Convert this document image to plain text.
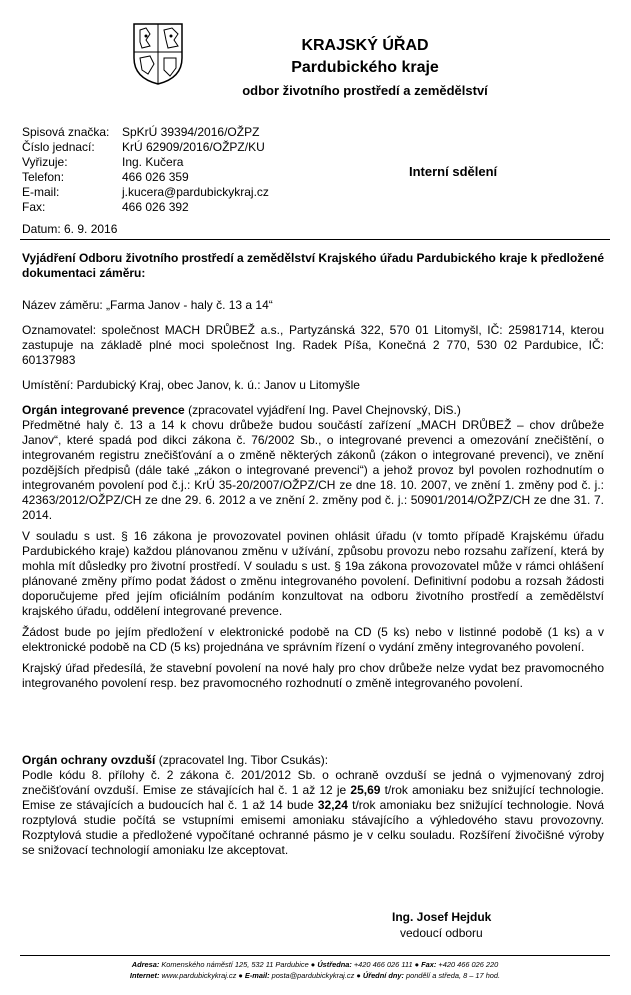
KRAJSKÝ ÚŘAD
Pardubického kraje
odbor životního prostředí a zemědělství
Spisová značka:	SpKrÚ 39394/2016/OŽPZ
Číslo jednací:	KrÚ 62909/2016/OŽPZ/KU
Vyřizuje:	Ing. Kučera
Telefon:	466 026 359
E-mail:	j.kucera@pardubickykraj.cz
Fax:	466 026 392
Interní sdělení
Datum: 6. 9. 2016

Vyjádření Odboru životního prostředí a zemědělství Krajského úřadu Pardubického kraje k předložené dokumentaci záměru:

Název záměru: „Farma Janov - haly č. 13 a 14“

Oznamovatel: společnost MACH DRŮBEŽ a.s., Partyzánská 322, 570 01 Litomyšl, IČ: 25981714, kterou zastupuje na základě plné moci společnost Ing. Radek Píša, Konečná 2 770, 530 02 Pardubice, IČ: 60137983

Umístění: Pardubický Kraj, obec Janov, k. ú.: Janov u Litomyšle

Orgán integrované prevence (zpracovatel vyjádření Ing. Pavel Chejnovský, DiS.)

Předmětné haly č. 13 a 14 k chovu drůbeže budou součástí zařízení „MACH DRŮBEŽ – chov drůbeže Janov“, které spadá pod dikci zákona č. 76/2002 Sb., o integrované prevenci a omezování znečištění, o integrovaném registru znečišťování a o změně některých zákonů (zákon o integrované prevenci), ve znění pozdějších předpisů (dále také „zákon o integrované prevenci“) a jehož provoz byl povolen rozhodnutím o integrovaném povolení pod č.j.: KrÚ 35-20/2007/OŽPZ/CH ze dne 18. 10. 2007, ve znění 1. změny pod č. j.: 42363/2012/OŽPZ/CH ze dne 29. 6. 2012 a ve znění 2. změny pod č. j.: 50901/2014/OŽPZ/CH ze dne 31. 7. 2014.

V souladu s ust. § 16 zákona je provozovatel povinen ohlásit úřadu (v tomto případě Krajskému úřadu Pardubického kraje) každou plánovanou změnu v užívání, způsobu provozu nebo rozsahu zařízení, která by mohla mít důsledky pro životní prostředí. V souladu s ust. § 19a zákona provozovatel může v rámci ohlášení plánované změny přímo podat žádost o změnu integrovaného povolení. Definitivní podobu a rozsah žádosti doporučujeme před jejím oficiálním podáním konzultovat na odboru životního prostředí a zemědělství krajského úřadu, oddělení integrované prevence.

Žádost bude po jejím předložení v elektronické podobě na CD (5 ks) nebo v listinné podobě (1 ks) a v elektronické podobě na CD (5 ks) projednána ve správním řízení o vydání změny integrovaného povolení.

Krajský úřad předesílá, že stavební povolení na nové haly pro chov drůbeže nelze vydat bez pravomocného integrovaného povolení resp. bez pravomocného rozhodnutí o změně integrovaného povolení.

Orgán ochrany ovzduší (zpracovatel Ing. Tibor Csukás):

Podle kódu 8. přílohy č. 2 zákona č. 201/2012 Sb. o ochraně ovzduší se jedná o vyjmenovaný zdroj znečišťování ovzduší. Emise ze stávajících hal č. 1 až 12 je 25,69 t/rok amoniaku bez snižující technologie. Emise ze stávajících a budoucích hal č. 1 až 14 bude 32,24 t/rok amoniaku bez snižující technologie. Nová rozptylová studie počítá se vstupními emisemi amoniaku stávajícího a výhledového stavu provozovny. Rozptylová studie a předložené vypočítané ochranné pásmo je v celku souladu. Rozšíření živočišné výroby se snižovací technologií amoniaku lze akceptovat.

Ing. Josef Hejduk
vedoucí odboru
Adresa: Komenského náměstí 125, 532 11 Pardubice ● Ústředna: +420 466 026 111 ● Fax: +420 466 026 220
Internet: www.pardubickykraj.cz ● E-mail: posta@pardubickykraj.cz ● Úřední dny: pondělí a středa, 8 – 17 hod.
